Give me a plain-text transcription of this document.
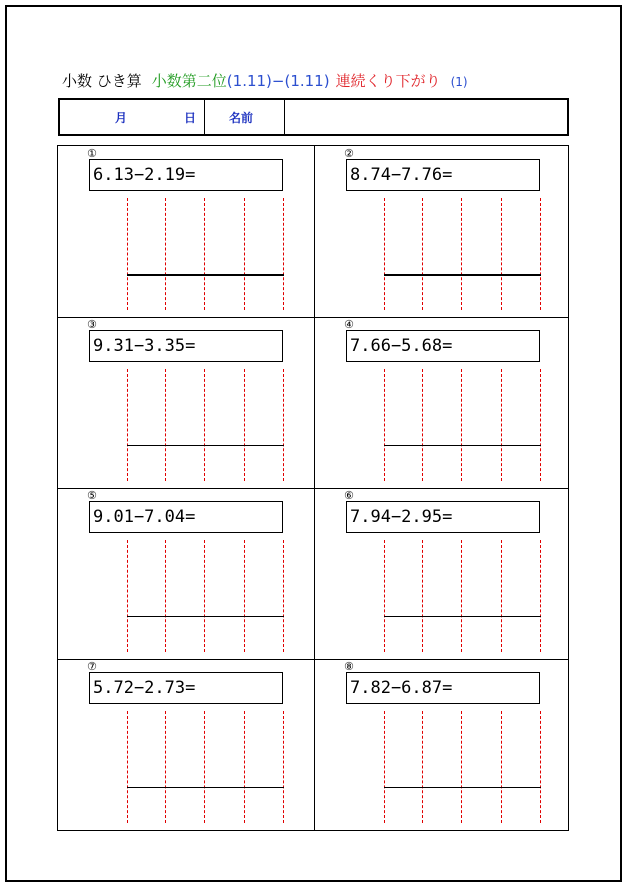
小数 ひき算 小数第二位(1.11)−(1.11) 連続くり下がり (1)
月	日	名前
①
6.13−2.19=
②
8.74−7.76=
③
9.31−3.35=
④
7.66−5.68=
⑤
9.01−7.04=
⑥
7.94−2.95=
⑦
5.72−2.73=
⑧
7.82−6.87=
